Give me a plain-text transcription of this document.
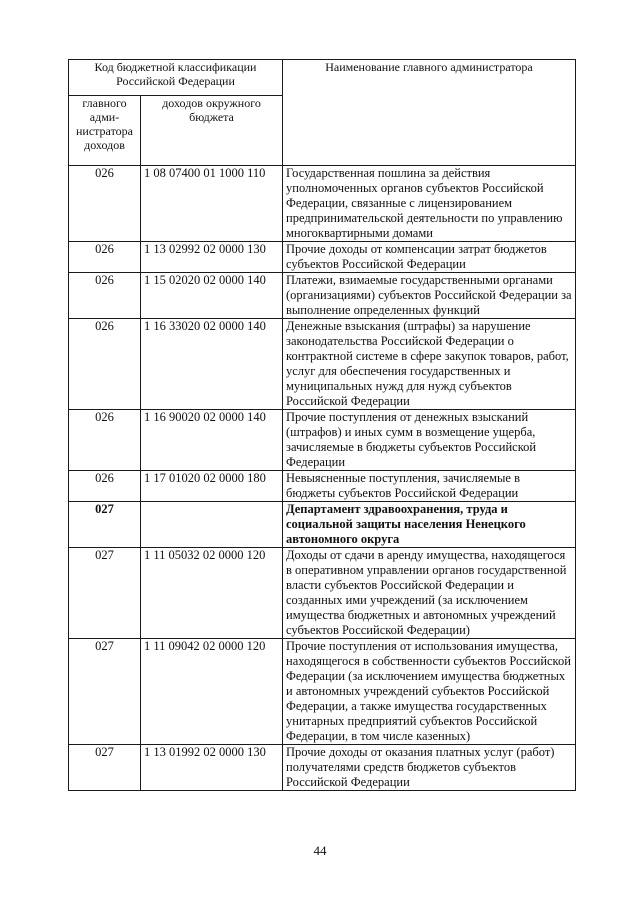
Код бюджетной классификации Российской Федерации		Наименование главного администратора
главного адми-нистратора доходов	доходов окружного бюджета	
026	1 08 07400 01 1000 110	Государственная пошлина за действия уполномоченных органов субъектов Российской Федерации, связанные с лицензированием предпринимательской деятельности по управлению многоквартирными домами
026	1 13 02992 02 0000 130	Прочие доходы от компенсации затрат бюджетов субъектов Российской Федерации
026	1 15 02020 02 0000 140	Платежи, взимаемые государственными органами (организациями) субъектов Российской Федерации за выполнение определенных функций
026	1 16 33020 02 0000 140	Денежные взыскания (штрафы) за нарушение законодательства Российской Федерации о контрактной системе в сфере закупок товаров, работ, услуг для обеспечения государственных и муниципальных нужд для нужд субъектов Российской Федерации
026	1 16 90020 02 0000 140	Прочие поступления от денежных взысканий (штрафов) и иных сумм в возмещение ущерба, зачисляемые в бюджеты субъектов Российской Федерации
026	1 17 01020 02 0000 180	Невыясненные поступления, зачисляемые в бюджеты субъектов Российской Федерации
027		Департамент здравоохранения, труда и социальной защиты населения Ненецкого автономного округа
027	1 11 05032 02 0000 120	Доходы от сдачи в аренду имущества, находящегося в оперативном управлении органов государственной власти субъектов Российской Федерации и созданных ими учреждений (за исключением имущества бюджетных и автономных учреждений субъектов Российской Федерации)
027	1 11 09042 02 0000 120	Прочие поступления от использования имущества, находящегося в собственности субъектов Российской Федерации (за исключением имущества бюджетных и автономных учреждений субъектов Российской Федерации, а также имущества государственных унитарных предприятий субъектов Российской Федерации, в том числе казенных)
027	1 13 01992 02 0000 130	Прочие доходы от оказания платных услуг (работ) получателями средств бюджетов субъектов Российской Федерации
44
